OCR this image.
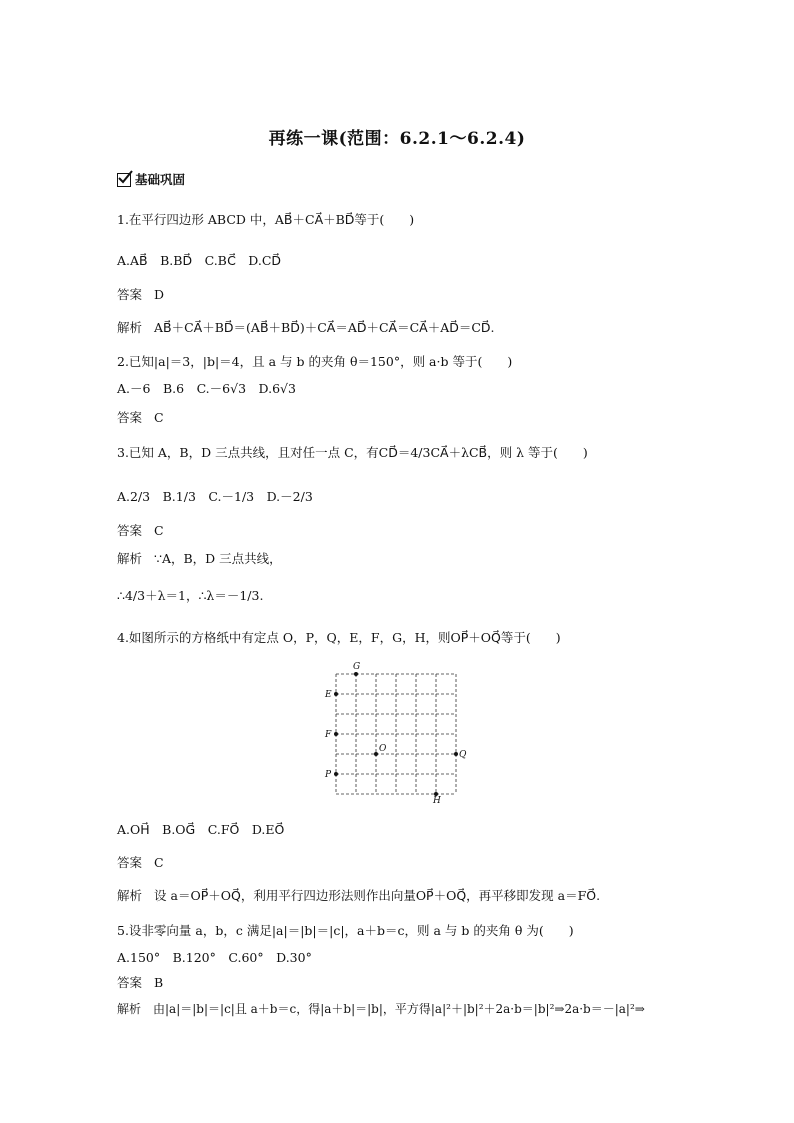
再练一课(范围：6.2.1～6.2.4)
基础巩固
1.在平行四边形 ABCD 中，AB⃗＋CA⃗＋BD⃗等于(　　)
A.AB⃗　B.BD⃗　C.BC⃗　D.CD⃗
答案 D
解析 AB⃗＋CA⃗＋BD⃗＝(AB⃗＋BD⃗)＋CA⃗＝AD⃗＋CA⃗＝CA⃗＋AD⃗＝CD⃗.
2.已知|a|＝3，|b|＝4，且 a 与 b 的夹角 θ＝150°，则 a·b 等于(　　)
A.－6　B.6　C.－6√3　D.6√3
答案 C
3.已知 A，B，D 三点共线，且对任一点 C，有CD⃗＝4/3CA⃗＋λCB⃗，则 λ 等于(　　)
A.2/3　B.1/3　C.－1/3　D.－2/3
答案 C
解析 ∵A，B，D 三点共线，
∴4/3＋λ＝1，∴λ＝－1/3.
4.如图所示的方格纸中有定点 O，P，Q，E，F，G，H，则OP⃗＋OQ⃗等于(　　)
G
E
F
O
Q
P
H
A.OH⃗　B.OG⃗　C.FO⃗　D.EO⃗
答案 C
解析 设 a＝OP⃗＋OQ⃗，利用平行四边形法则作出向量OP⃗＋OQ⃗，再平移即发现 a＝FO⃗.
5.设非零向量 a，b，c 满足|a|＝|b|＝|c|，a＋b＝c，则 a 与 b 的夹角 θ 为(　　)
A.150°　B.120°　C.60°　D.30°
答案 B
解析 由|a|＝|b|＝|c|且 a＋b＝c，得|a＋b|＝|b|，平方得|a|²＋|b|²＋2a·b＝|b|²⇒2a·b＝－|a|²⇒
